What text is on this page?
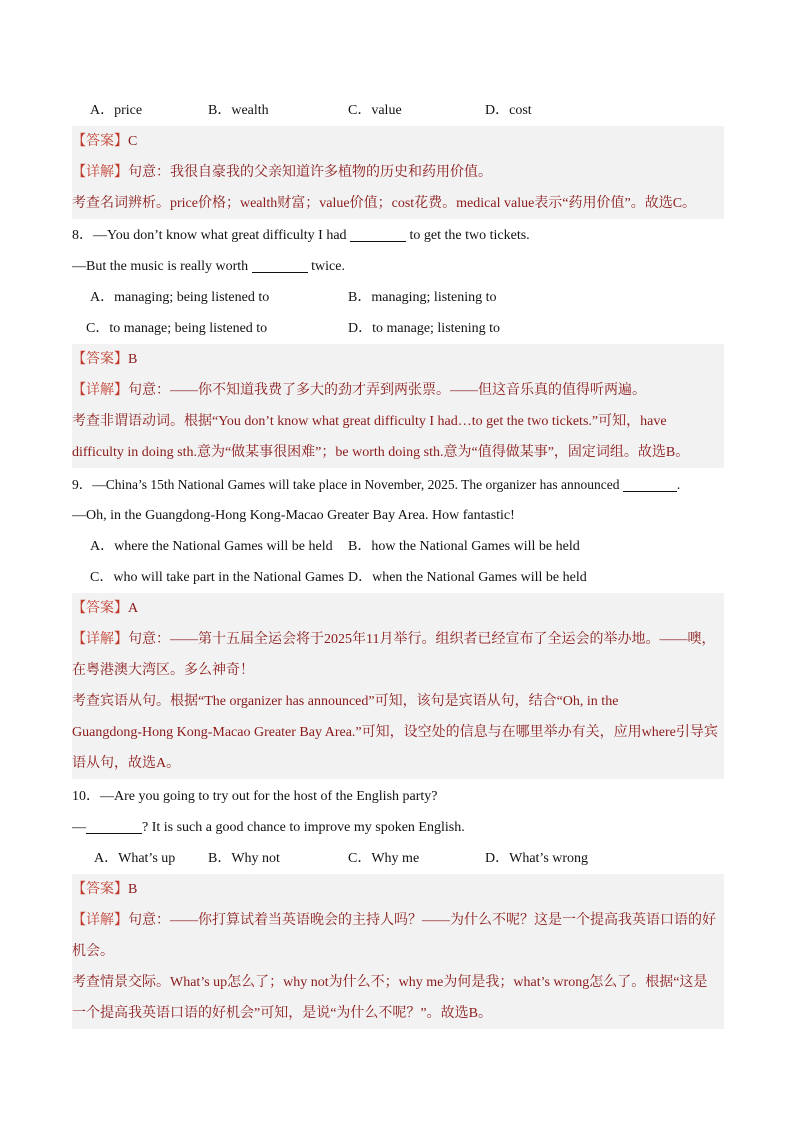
A．price	B．wealth	C．value	D．cost
【答案】C
【详解】句意：我很自豪我的父亲知道许多植物的历史和药用价值。
考查名词辨析。price价格；wealth财富；value价值；cost花费。medical value表示“药用价值”。故选C。
8．—You don’t know what great difficulty I had	to get the two tickets.
—But the music is really worth	twice.
A．managing; being listened to	B．managing; listening to
C．to manage; being listened to	D．to manage; listening to
【答案】B
【详解】句意：——你不知道我费了多大的劲才弄到两张票。——但这音乐真的值得听两遍。
考查非谓语动词。根据“You don’t know what great difficulty I had…to get the two tickets.”可知，have
difficulty in doing sth.意为“做某事很困难”；be worth doing sth.意为“值得做某事”，固定词组。故选B。
9．—China’s 15th National Games will take place in November, 2025. The organizer has announced	.
—Oh, in the Guangdong-Hong Kong-Macao Greater Bay Area. How fantastic!
A．where the National Games will be held B．how the National Games will be held
C．who will take part in the National Games D．when the National Games will be held
【答案】A
【详解】句意：——第十五届全运会将于2025年11月举行。组织者已经宣布了全运会的举办地。——噢，
在粤港澳大湾区。多么神奇！
考查宾语从句。根据“The organizer has announced”可知，该句是宾语从句，结合“Oh, in the
Guangdong-Hong Kong-Macao Greater Bay Area.”可知，设空处的信息与在哪里举办有关，应用where引导宾
语从句，故选A。
10．—Are you going to try out for the host of the English party?
—	? It is such a good chance to improve my spoken English.
A．What’s up B．Why not	C．Why me	D．What’s wrong
【答案】B
【详解】句意：——你打算试着当英语晚会的主持人吗？——为什么不呢？这是一个提高我英语口语的好
机会。
考查情景交际。What’s up怎么了；why not为什么不；why me为何是我；what’s wrong怎么了。根据“这是
一个提高我英语口语的好机会”可知，是说“为什么不呢？”。故选B。
